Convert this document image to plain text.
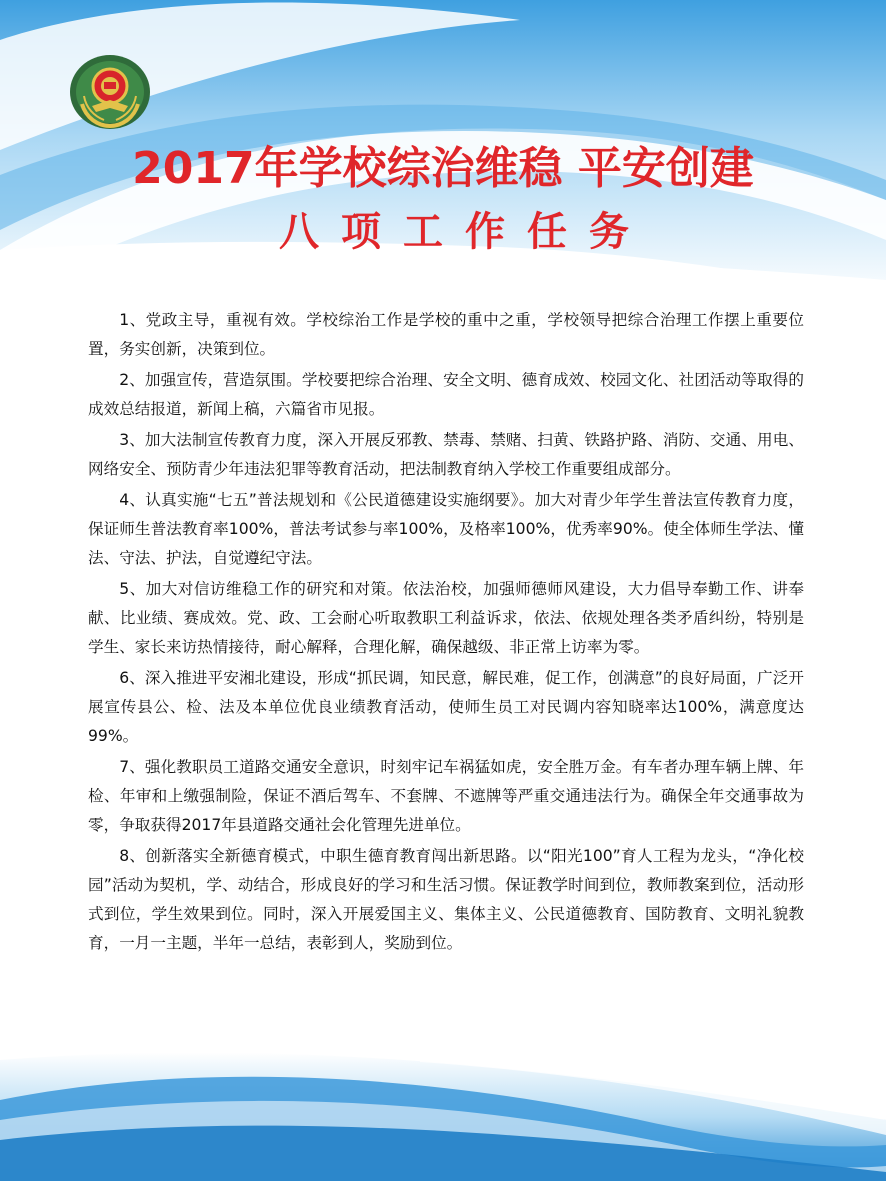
2017年学校综治维稳 平安创建
八项工作任务

1、党政主导，重视有效。学校综治工作是学校的重中之重，学校领导把综合治理工作摆上重要位置，务实创新，决策到位。

2、加强宣传，营造氛围。学校要把综合治理、安全文明、德育成效、校园文化、社团活动等取得的成效总结报道，新闻上稿，六篇省市见报。

3、加大法制宣传教育力度，深入开展反邪教、禁毒、禁赌、扫黄、铁路护路、消防、交通、用电、网络安全、预防青少年违法犯罪等教育活动，把法制教育纳入学校工作重要组成部分。

4、认真实施“七五”普法规划和《公民道德建设实施纲要》。加大对青少年学生普法宣传教育力度，保证师生普法教育率100%，普法考试参与率100%，及格率100%，优秀率90%。使全体师生学法、懂法、守法、护法，自觉遵纪守法。

5、加大对信访维稳工作的研究和对策。依法治校，加强师德师风建设，大力倡导奉勤工作、讲奉献、比业绩、赛成效。党、政、工会耐心听取教职工利益诉求，依法、依规处理各类矛盾纠纷，特别是学生、家长来访热情接待，耐心解释，合理化解，确保越级、非正常上访率为零。

6、深入推进平安湘北建设，形成“抓民调，知民意，解民难，促工作，创满意”的良好局面，广泛开展宣传县公、检、法及本单位优良业绩教育活动，使师生员工对民调内容知晓率达100%，满意度达99%。

7、强化教职员工道路交通安全意识，时刻牢记车祸猛如虎，安全胜万金。有车者办理车辆上牌、年检、年审和上缴强制险，保证不酒后驾车、不套牌、不遮牌等严重交通违法行为。确保全年交通事故为零，争取获得2017年县道路交通社会化管理先进单位。

8、创新落实全新德育模式，中职生德育教育闯出新思路。以“阳光100”育人工程为龙头，“净化校园”活动为契机，学、动结合，形成良好的学习和生活习惯。保证教学时间到位，教师教案到位，活动形式到位，学生效果到位。同时，深入开展爱国主义、集体主义、公民道德教育、国防教育、文明礼貌教育，一月一主题，半年一总结，表彰到人，奖励到位。
